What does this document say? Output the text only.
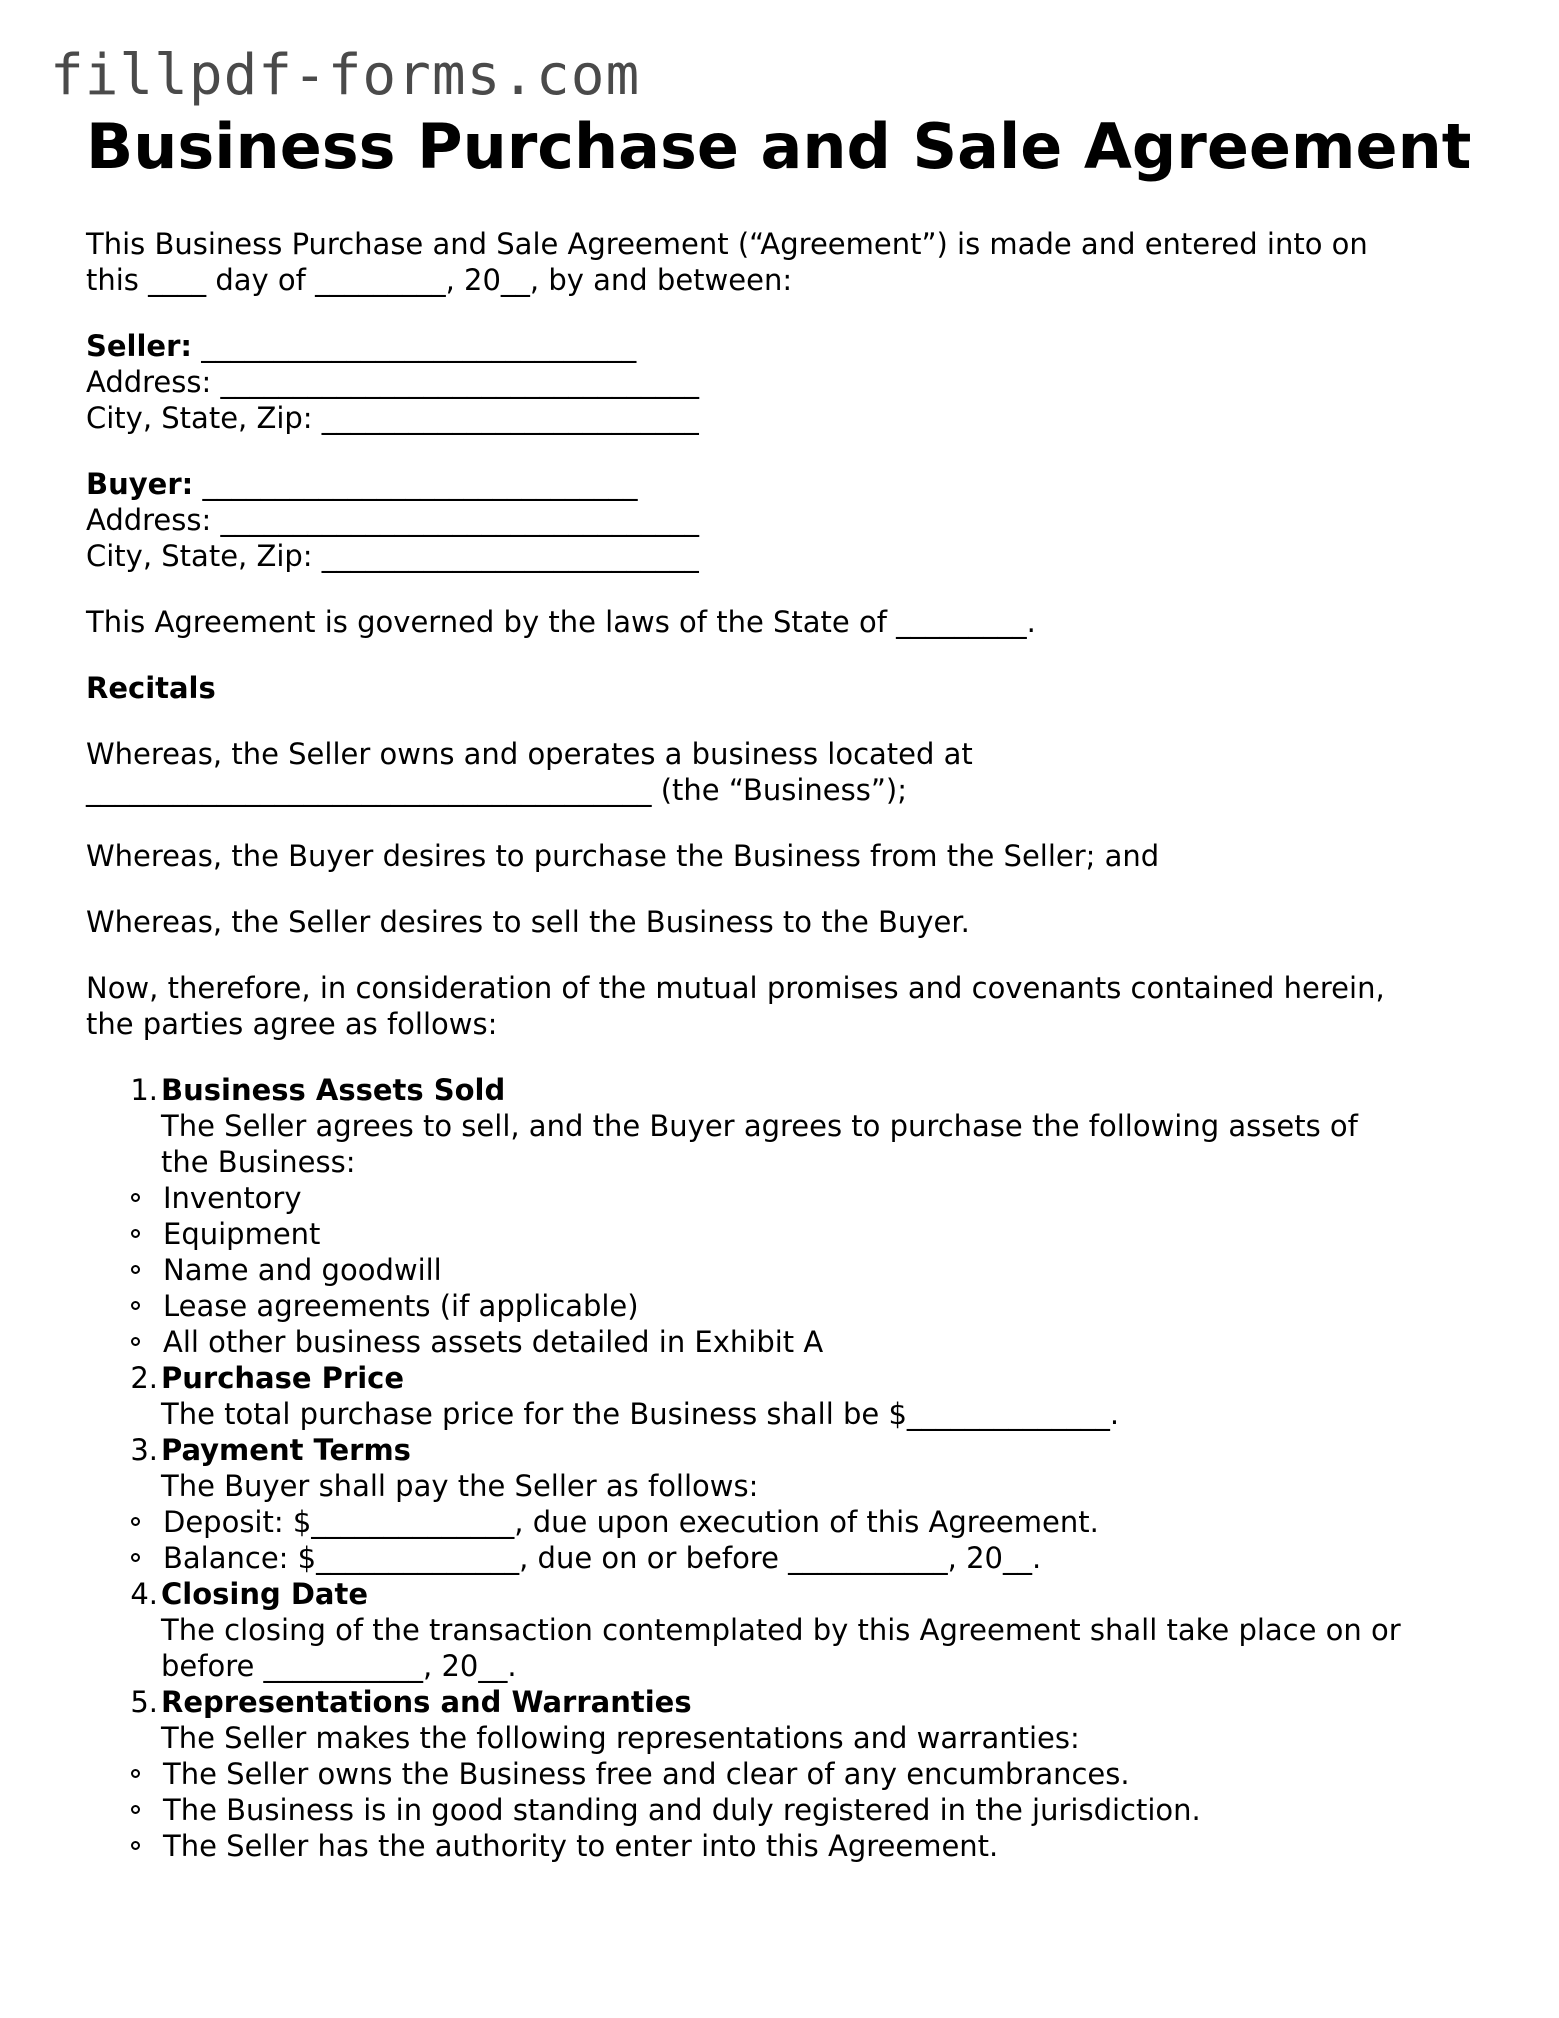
fillpdf-forms.com
Business Purchase and Sale Agreement

This Business Purchase and Sale Agreement (“Agreement”) is made and entered into on

this ____ day of _________, 20__, by and between:

Seller: ______________________________

Address: _________________________________

City, State, Zip: __________________________

Buyer: ______________________________

Address: _________________________________

City, State, Zip: __________________________

This Agreement is governed by the laws of the State of _________.

Recitals

Whereas, the Seller owns and operates a business located at

_______________________________________ (the “Business”);

Whereas, the Buyer desires to purchase the Business from the Seller; and

Whereas, the Seller desires to sell the Business to the Buyer.

Now, therefore, in consideration of the mutual promises and covenants contained herein,

the parties agree as follows:

1. Business Assets Sold

The Seller agrees to sell, and the Buyer agrees to purchase the following assets of

the Business:

Inventory
Equipment
Name and goodwill
Lease agreements (if applicable)
All other business assets detailed in Exhibit A
2. Purchase Price

The total purchase price for the Business shall be $______________.

3. Payment Terms

The Buyer shall pay the Seller as follows:

Deposit: $______________, due upon execution of this Agreement.
Balance: $______________, due on or before ___________, 20__.
4. Closing Date

The closing of the transaction contemplated by this Agreement shall take place on or

before ___________, 20__.

5. Representations and Warranties

The Seller makes the following representations and warranties:

The Seller owns the Business free and clear of any encumbrances.
The Business is in good standing and duly registered in the jurisdiction.
The Seller has the authority to enter into this Agreement.
